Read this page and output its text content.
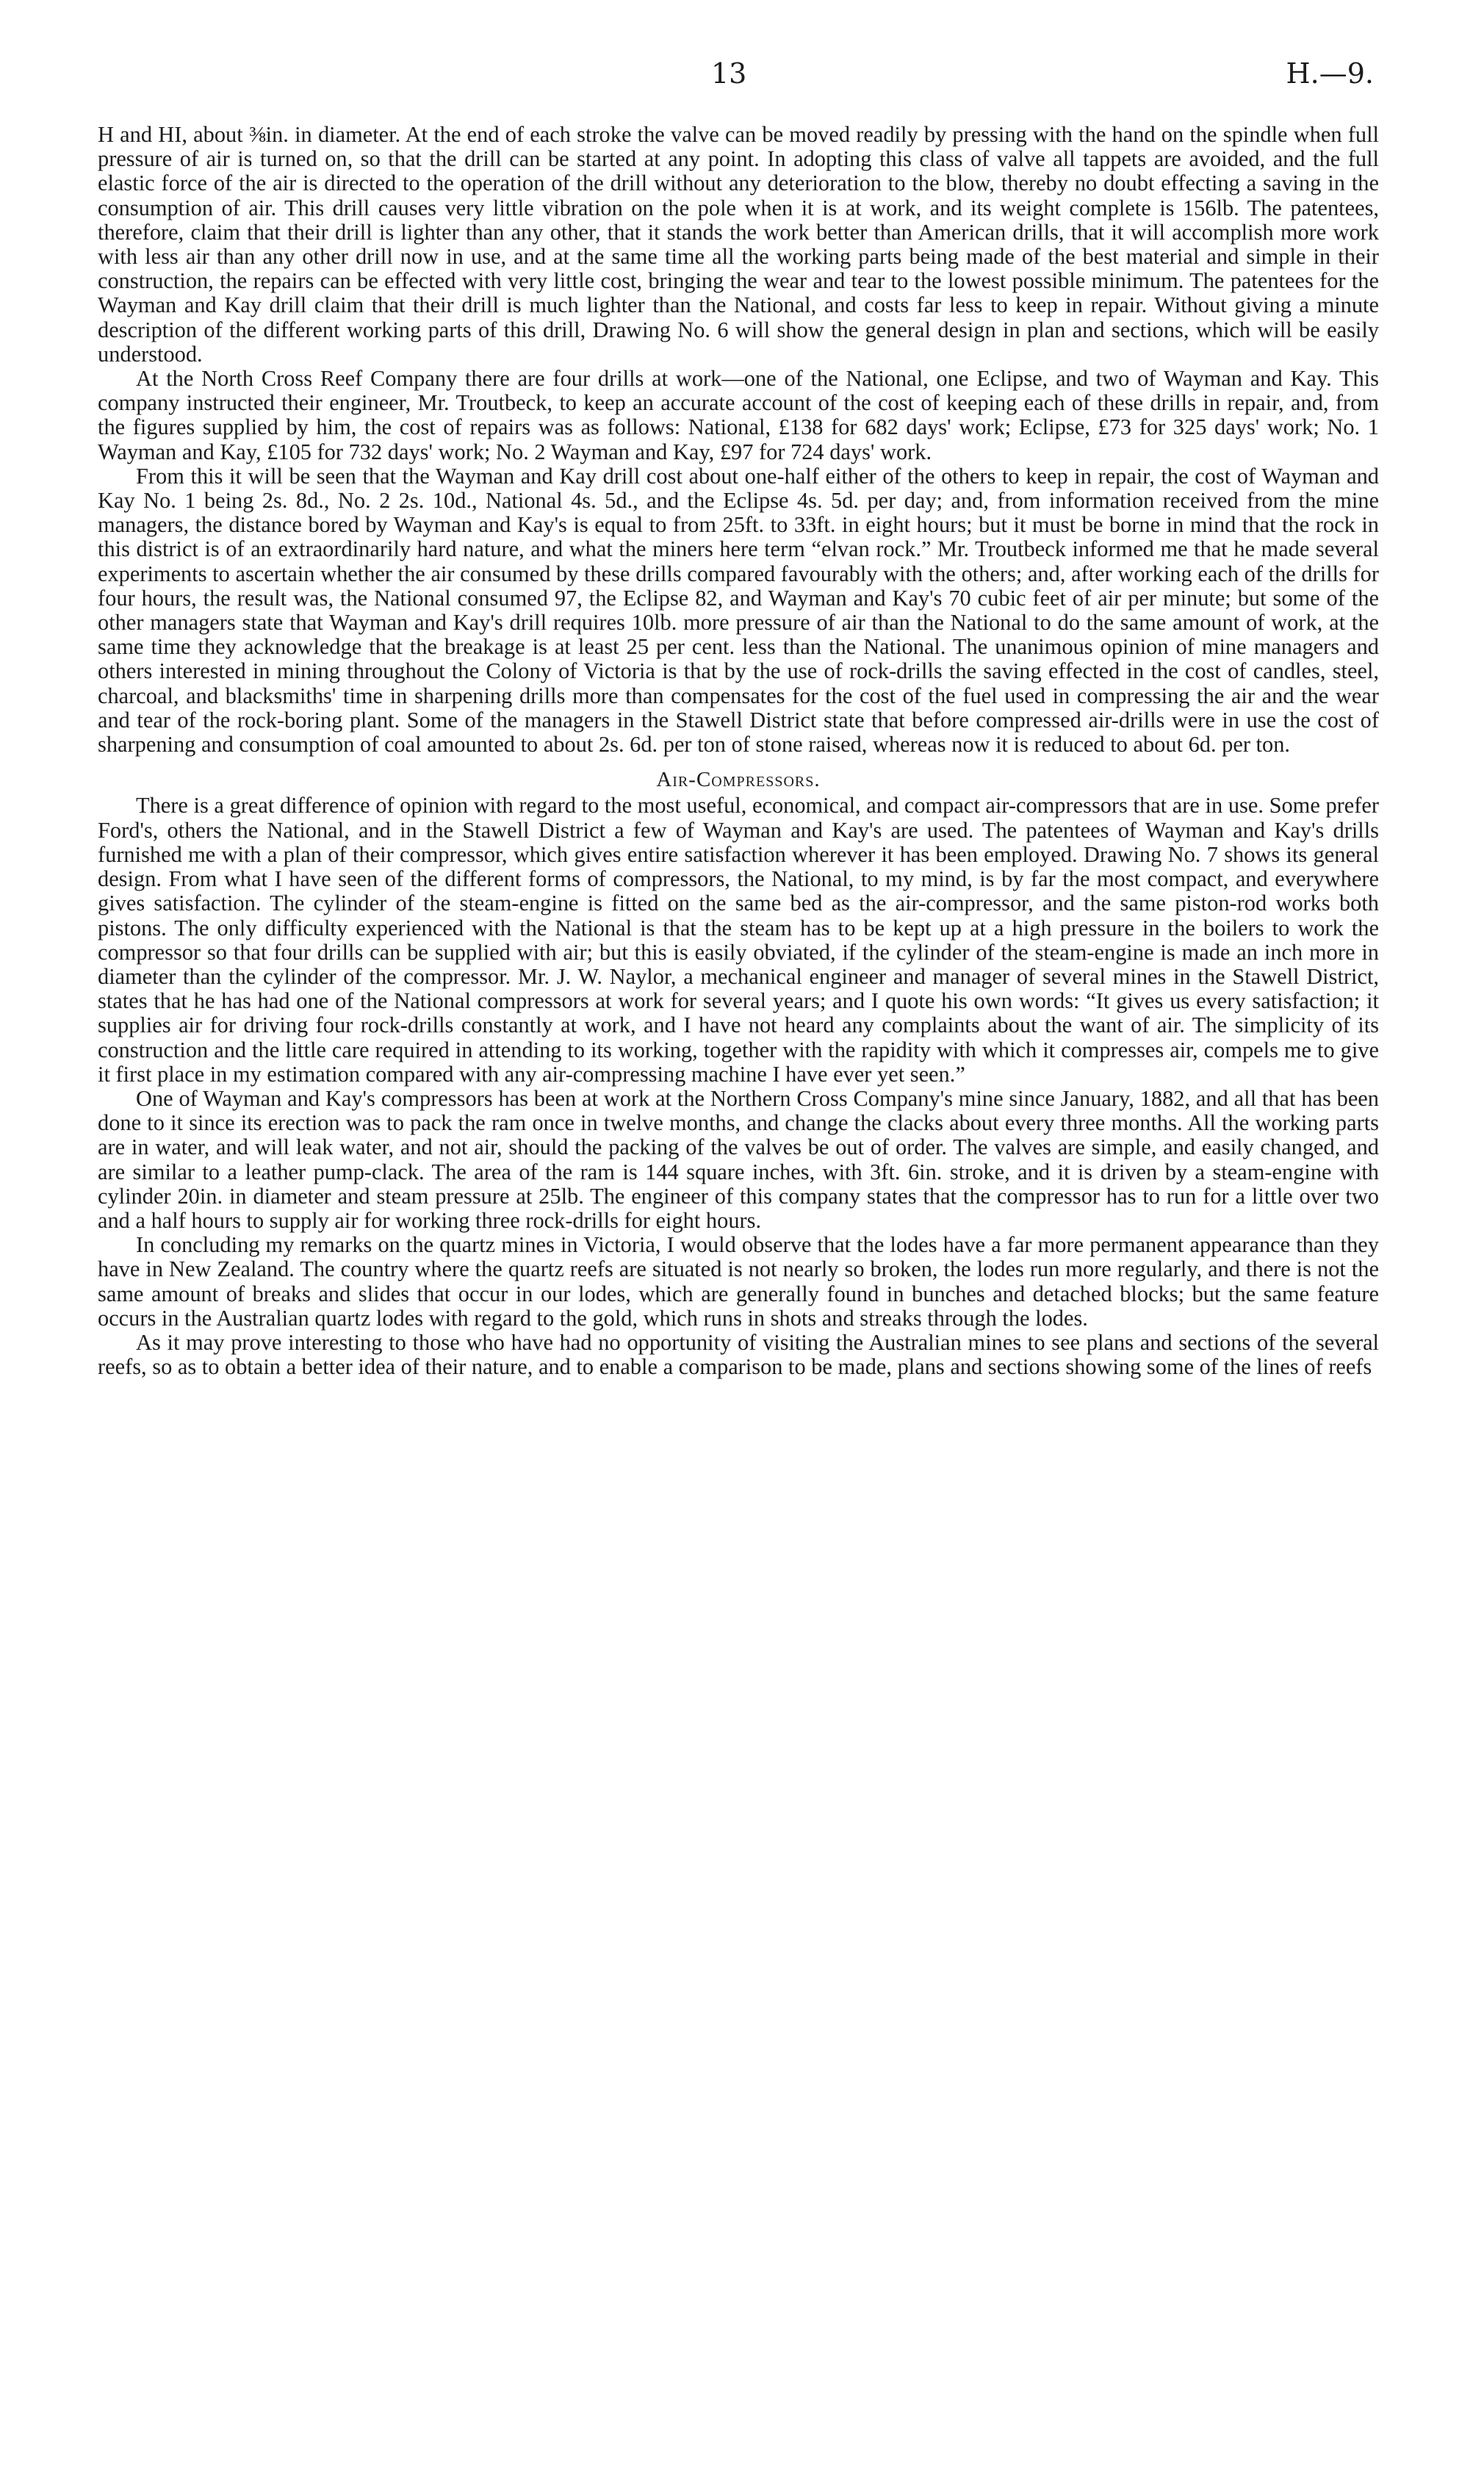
13	H.—9.

H and HI, about ⅜in. in diameter. At the end of each stroke the valve can be moved readily by pressing with the hand on the spindle when full pressure of air is turned on, so that the drill can be started at any point. In adopting this class of valve all tappets are avoided, and the full elastic force of the air is directed to the operation of the drill without any deterioration to the blow, thereby no doubt effecting a saving in the consumption of air. This drill causes very little vibration on the pole when it is at work, and its weight complete is 156lb. The patentees, therefore, claim that their drill is lighter than any other, that it stands the work better than American drills, that it will accomplish more work with less air than any other drill now in use, and at the same time all the working parts being made of the best material and simple in their construction, the repairs can be effected with very little cost, bringing the wear and tear to the lowest possible minimum. The patentees for the Wayman and Kay drill claim that their drill is much lighter than the National, and costs far less to keep in repair. Without giving a minute description of the different working parts of this drill, Drawing No. 6 will show the general design in plan and sections, which will be easily understood.

At the North Cross Reef Company there are four drills at work—one of the National, one Eclipse, and two of Wayman and Kay. This company instructed their engineer, Mr. Troutbeck, to keep an accurate account of the cost of keeping each of these drills in repair, and, from the figures supplied by him, the cost of repairs was as follows: National, £138 for 682 days' work; Eclipse, £73 for 325 days' work; No. 1 Wayman and Kay, £105 for 732 days' work; No. 2 Wayman and Kay, £97 for 724 days' work.

From this it will be seen that the Wayman and Kay drill cost about one-half either of the others to keep in repair, the cost of Wayman and Kay No. 1 being 2s. 8d., No. 2 2s. 10d., National 4s. 5d., and the Eclipse 4s. 5d. per day; and, from information received from the mine managers, the distance bored by Wayman and Kay's is equal to from 25ft. to 33ft. in eight hours; but it must be borne in mind that the rock in this district is of an extraordinarily hard nature, and what the miners here term “elvan rock.” Mr. Troutbeck informed me that he made several experiments to ascertain whether the air consumed by these drills compared favourably with the others; and, after working each of the drills for four hours, the result was, the National consumed 97, the Eclipse 82, and Wayman and Kay's 70 cubic feet of air per minute; but some of the other managers state that Wayman and Kay's drill requires 10lb. more pressure of air than the National to do the same amount of work, at the same time they acknowledge that the breakage is at least 25 per cent. less than the National. The unanimous opinion of mine managers and others interested in mining throughout the Colony of Victoria is that by the use of rock-drills the saving effected in the cost of candles, steel, charcoal, and blacksmiths' time in sharpening drills more than compensates for the cost of the fuel used in compressing the air and the wear and tear of the rock-boring plant. Some of the managers in the Stawell District state that before compressed air-drills were in use the cost of sharpening and consumption of coal amounted to about 2s. 6d. per ton of stone raised, whereas now it is reduced to about 6d. per ton.

Air-Compressors.

There is a great difference of opinion with regard to the most useful, economical, and compact air-compressors that are in use. Some prefer Ford's, others the National, and in the Stawell District a few of Wayman and Kay's are used. The patentees of Wayman and Kay's drills furnished me with a plan of their compressor, which gives entire satisfaction wherever it has been employed. Drawing No. 7 shows its general design. From what I have seen of the different forms of compressors, the National, to my mind, is by far the most compact, and everywhere gives satisfaction. The cylinder of the steam-engine is fitted on the same bed as the air-compressor, and the same piston-rod works both pistons. The only difficulty experienced with the National is that the steam has to be kept up at a high pressure in the boilers to work the compressor so that four drills can be supplied with air; but this is easily obviated, if the cylinder of the steam-engine is made an inch more in diameter than the cylinder of the compressor. Mr. J. W. Naylor, a mechanical engineer and manager of several mines in the Stawell District, states that he has had one of the National compressors at work for several years; and I quote his own words: “It gives us every satisfaction; it supplies air for driving four rock-drills constantly at work, and I have not heard any complaints about the want of air. The simplicity of its construction and the little care required in attending to its working, together with the rapidity with which it compresses air, compels me to give it first place in my estimation compared with any air-compressing machine I have ever yet seen.”

One of Wayman and Kay's compressors has been at work at the Northern Cross Company's mine since January, 1882, and all that has been done to it since its erection was to pack the ram once in twelve months, and change the clacks about every three months. All the working parts are in water, and will leak water, and not air, should the packing of the valves be out of order. The valves are simple, and easily changed, and are similar to a leather pump-clack. The area of the ram is 144 square inches, with 3ft. 6in. stroke, and it is driven by a steam-engine with cylinder 20in. in diameter and steam pressure at 25lb. The engineer of this company states that the compressor has to run for a little over two and a half hours to supply air for working three rock-drills for eight hours.

In concluding my remarks on the quartz mines in Victoria, I would observe that the lodes have a far more permanent appearance than they have in New Zealand. The country where the quartz reefs are situated is not nearly so broken, the lodes run more regularly, and there is not the same amount of breaks and slides that occur in our lodes, which are generally found in bunches and detached blocks; but the same feature occurs in the Australian quartz lodes with regard to the gold, which runs in shots and streaks through the lodes.

As it may prove interesting to those who have had no opportunity of visiting the Australian mines to see plans and sections of the several reefs, so as to obtain a better idea of their nature, and to enable a comparison to be made, plans and sections showing some of the lines of reefs
